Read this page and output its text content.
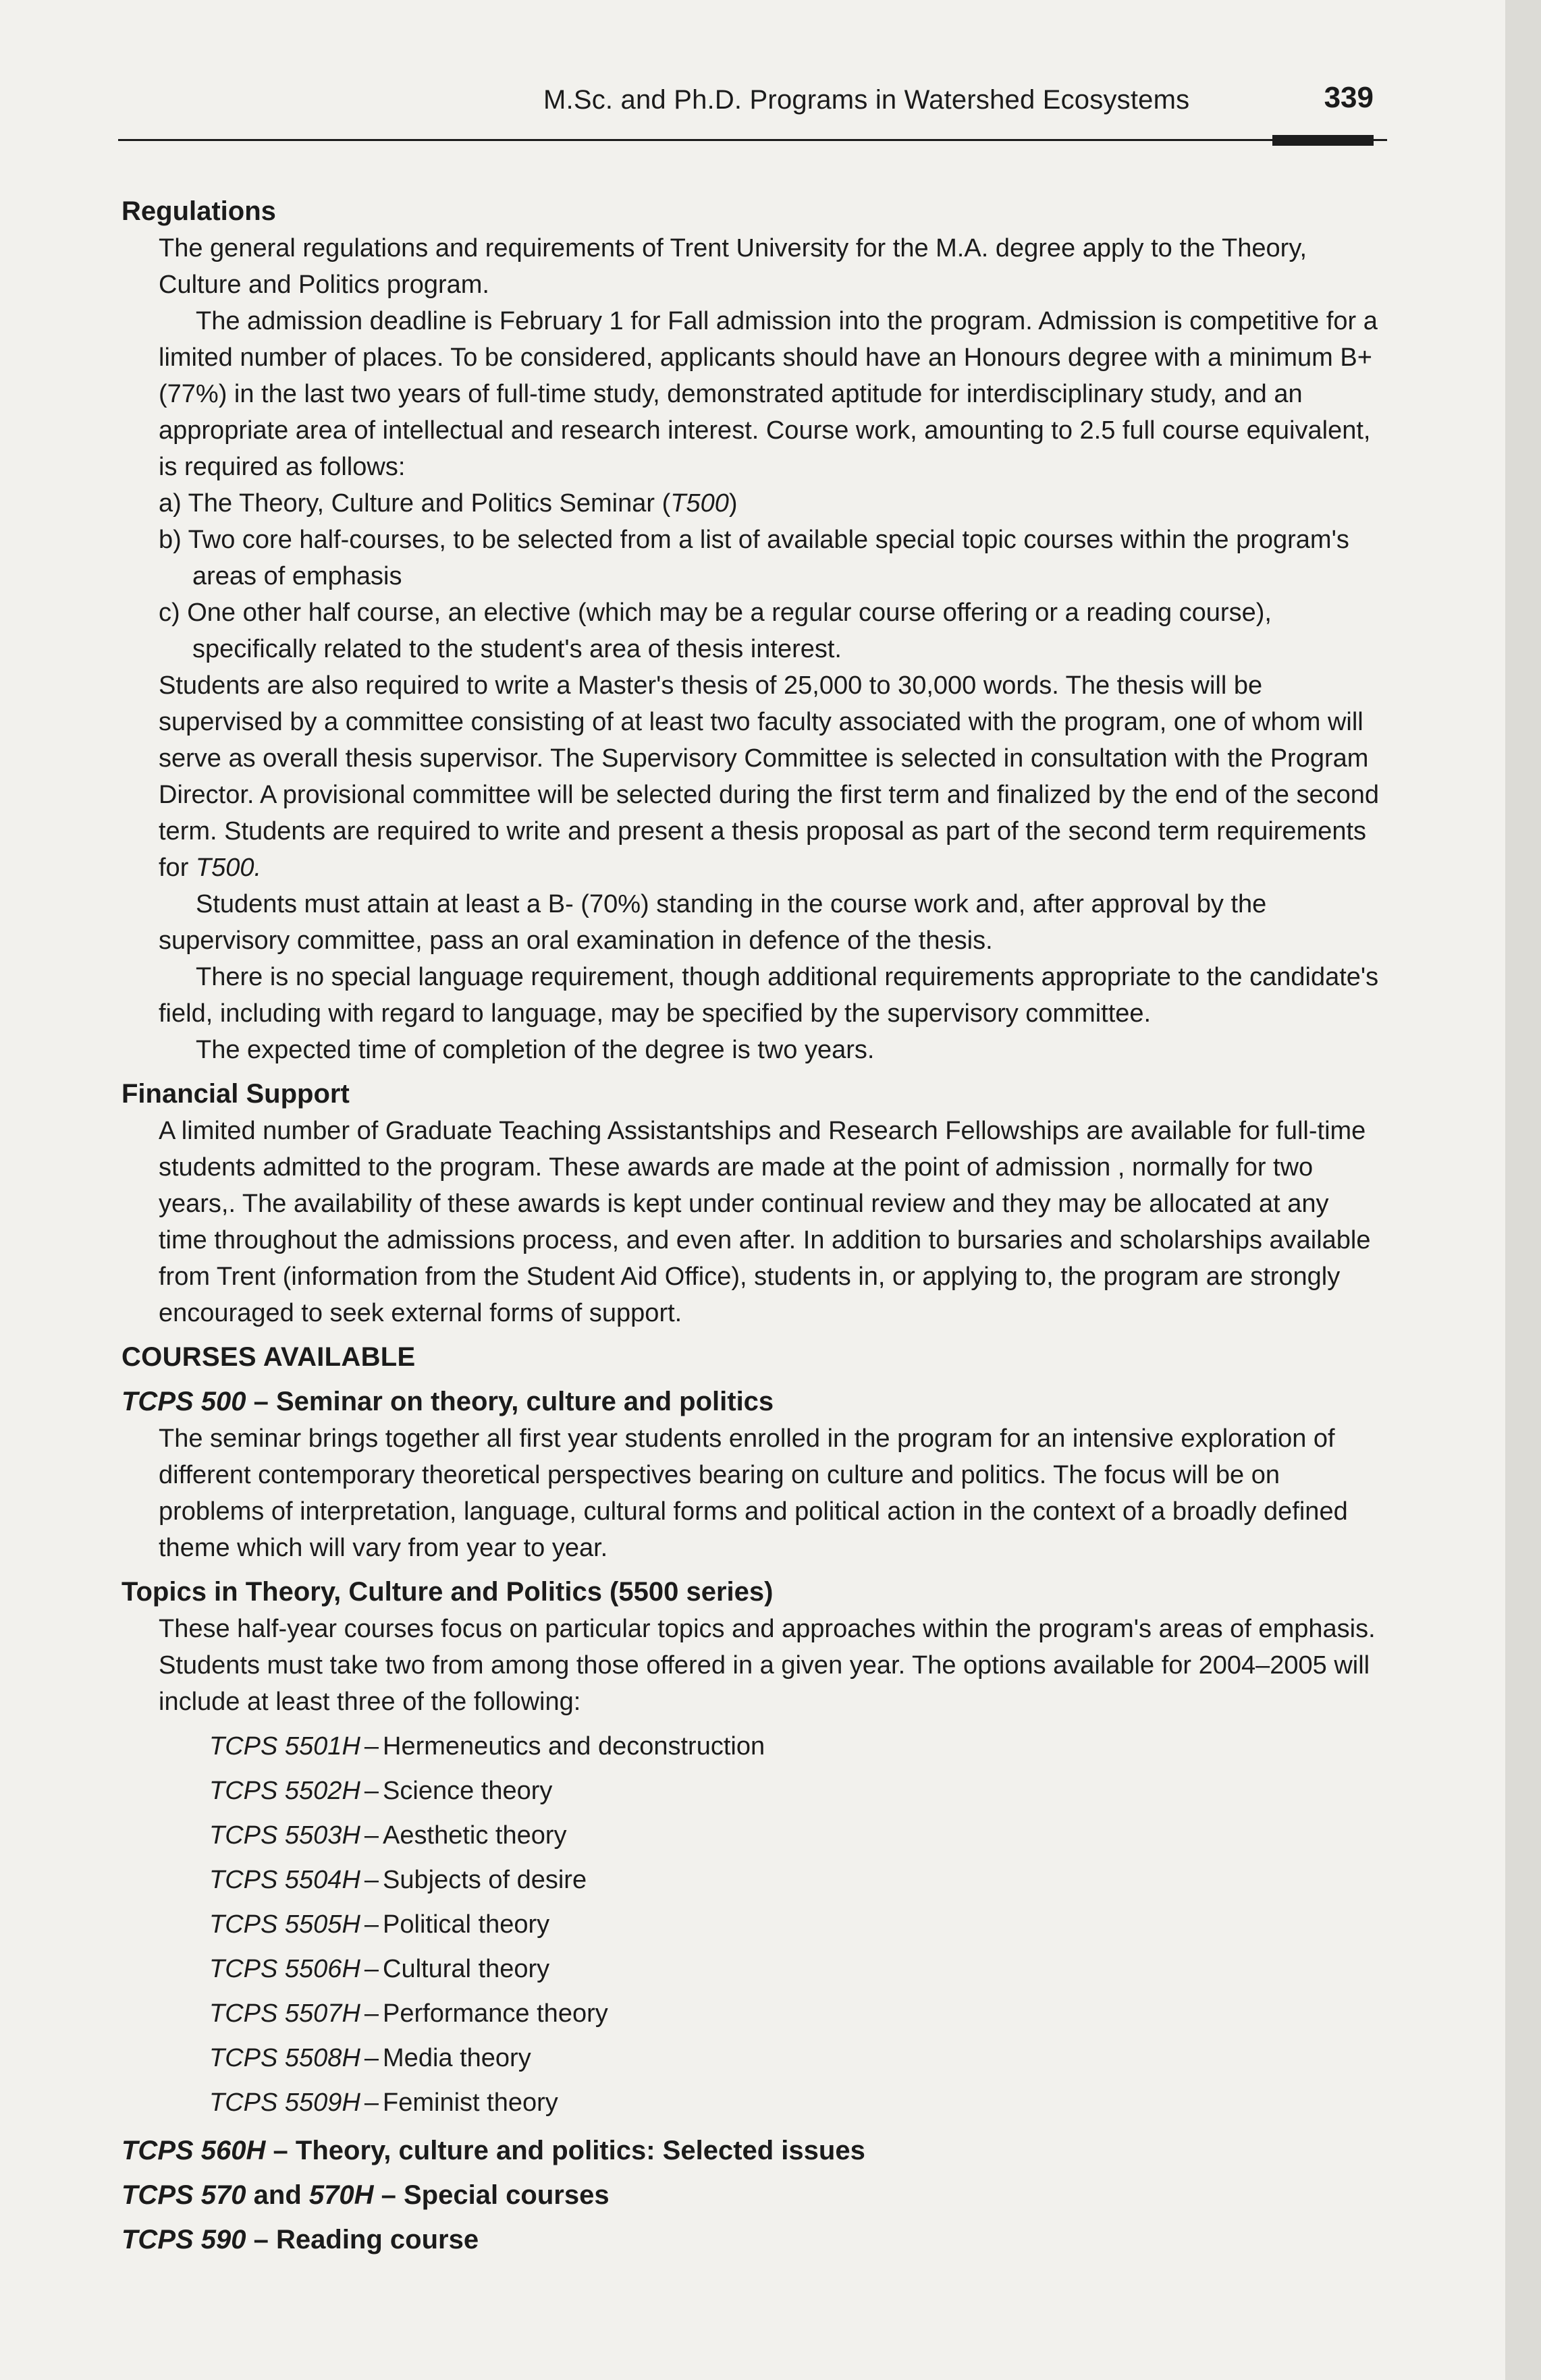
M.Sc. and Ph.D. Programs in Watershed Ecosystems	339
Regulations
The general regulations and requirements of Trent University for the M.A. degree apply to the Theory, Culture and Politics program.
The admission deadline is February 1 for Fall admission into the program. Admission is competitive for a limited number of places. To be considered, applicants should have an Honours degree with a minimum B+ (77%) in the last two years of full-time study, demonstrated aptitude for interdisciplinary study, and an appropriate area of intellectual and research interest. Course work, amounting to 2.5 full course equivalent, is required as follows:
a) The Theory, Culture and Politics Seminar (T500)
b) Two core half-courses, to be selected from a list of available special topic courses within the program's areas of emphasis
c) One other half course, an elective (which may be a regular course offering or a reading course), specifically related to the student's area of thesis interest.
Students are also required to write a Master's thesis of 25,000 to 30,000 words. The thesis will be supervised by a committee consisting of at least two faculty associated with the program, one of whom will serve as overall thesis supervisor. The Supervisory Committee is selected in consultation with the Program Director. A provisional committee will be selected during the first term and finalized by the end of the second term. Students are required to write and present a thesis proposal as part of the second term requirements for T500.
Students must attain at least a B- (70%) standing in the course work and, after approval by the supervisory committee, pass an oral examination in defence of the thesis.
There is no special language requirement, though additional requirements appropriate to the candidate's field, including with regard to language, may be specified by the supervisory committee.
The expected time of completion of the degree is two years.
Financial Support
A limited number of Graduate Teaching Assistantships and Research Fellowships are available for full-time students admitted to the program. These awards are made at the point of admission , normally for two years,. The availability of these awards is kept under continual review and they may be allocated at any time throughout the admissions process, and even after. In addition to bursaries and scholarships available from Trent (information from the Student Aid Office), students in, or applying to, the program are strongly encouraged to seek external forms of support.
COURSES AVAILABLE
TCPS 500 – Seminar on theory, culture and politics
The seminar brings together all first year students enrolled in the program for an intensive exploration of different contemporary theoretical perspectives bearing on culture and politics. The focus will be on problems of interpretation, language, cultural forms and political action in the context of a broadly defined theme which will vary from year to year.
Topics in Theory, Culture and Politics (5500 series)
These half-year courses focus on particular topics and approaches within the program's areas of emphasis. Students must take two from among those offered in a given year. The options available for 2004–2005 will include at least three of the following:
TCPS 5501H – Hermeneutics and deconstruction
TCPS 5502H – Science theory
TCPS 5503H – Aesthetic theory
TCPS 5504H – Subjects of desire
TCPS 5505H – Political theory
TCPS 5506H – Cultural theory
TCPS 5507H – Performance theory
TCPS 5508H – Media theory
TCPS 5509H – Feminist theory
TCPS 560H – Theory, culture and politics: Selected issues
TCPS 570 and 570H – Special courses
TCPS 590 – Reading course
